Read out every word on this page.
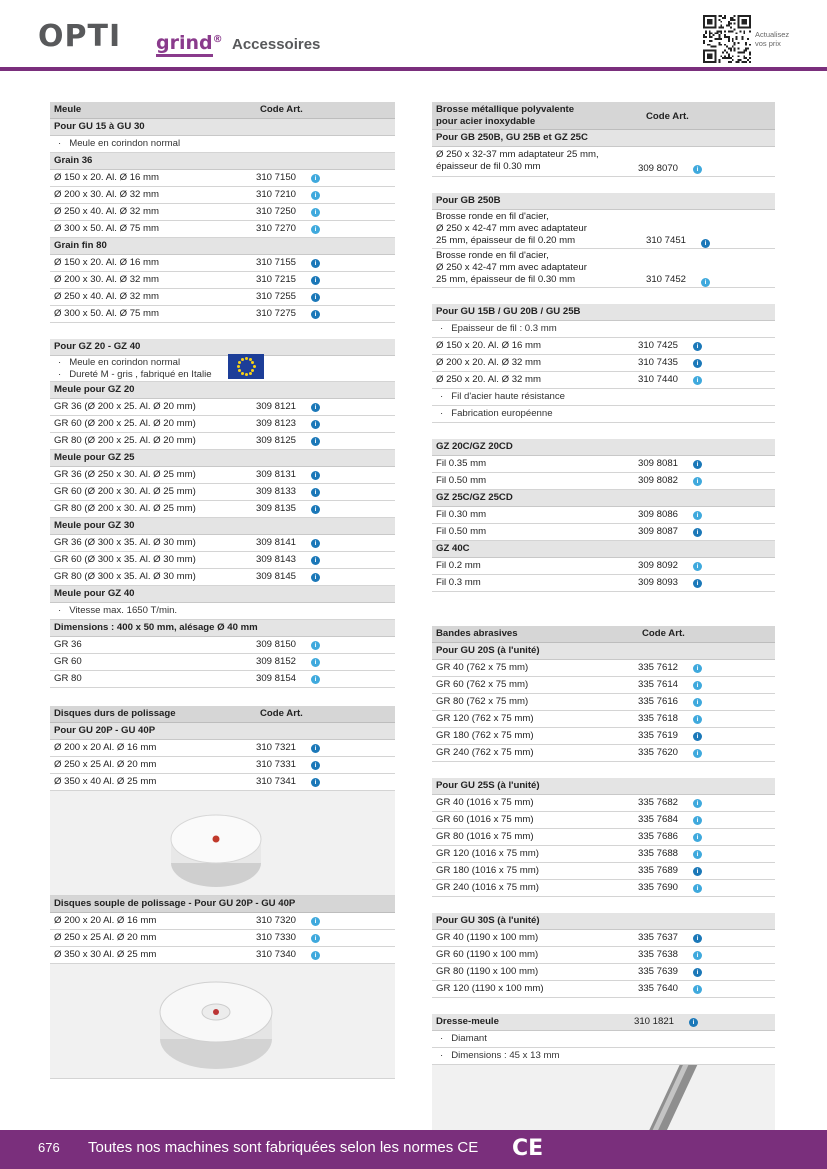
OPTI grind® Accessoires
Actualisez
vos prix
Meule	Code Art.
Pour GU 15 à GU 30
· Meule en corindon normal
Grain 36
Ø 150 x 20. Al. Ø 16 mm	310 7150	i
Ø 200 x 30. Al. Ø 32 mm	310 7210	i
Ø 250 x 40. Al. Ø 32 mm	310 7250	i
Ø 300 x 50. Al. Ø 75 mm	310 7270	i
Grain fin 80
Ø 150 x 20. Al. Ø 16 mm	310 7155	i
Ø 200 x 30. Al. Ø 32 mm	310 7215	i
Ø 250 x 40. Al. Ø 32 mm	310 7255	i
Ø 300 x 50. Al. Ø 75 mm	310 7275	i
Pour GZ 20 - GZ 40
· Meule en corindon normal
· Dureté M - gris , fabriqué en Italie
Meule pour GZ 20
GR 36 (Ø 200 x 25. Al. Ø 20 mm)	309 8121	i
GR 60 (Ø 200 x 25. Al. Ø 20 mm)	309 8123	i
GR 80 (Ø 200 x 25. Al. Ø 20 mm)	309 8125	i
Meule pour GZ 25
GR 36 (Ø 250 x 30. Al. Ø 25 mm)	309 8131	i
GR 60 (Ø 200 x 30. Al. Ø 25 mm)	309 8133	i
GR 80 (Ø 200 x 30. Al. Ø 25 mm)	309 8135	i
Meule pour GZ 30
GR 36 (Ø 300 x 35. Al. Ø 30 mm)	309 8141	i
GR 60 (Ø 300 x 35. Al. Ø 30 mm)	309 8143	i
GR 80 (Ø 300 x 35. Al. Ø 30 mm)	309 8145	i
Meule pour GZ 40
· Vitesse max. 1650 T/min.
Dimensions : 400 x 50 mm, alésage Ø 40 mm
GR 36	309 8150	i
GR 60	309 8152	i
GR 80	309 8154	i
Disques durs de polissage	Code Art.
Pour GU 20P - GU 40P
Ø 200 x 20 Al. Ø 16 mm	310 7321	i
Ø 250 x 25 Al. Ø 20 mm	310 7331	i
Ø 350 x 40 Al. Ø 25 mm	310 7341	i
Disques souple de polissage - Pour GU 20P - GU 40P
Ø 200 x 20 Al. Ø 16 mm	310 7320	i
Ø 250 x 25 Al. Ø 20 mm	310 7330	i
Ø 350 x 30 Al. Ø 25 mm	310 7340	i
Brosse métallique polyvalente
pour acier inoxydable	Code Art.
Pour GB 250B, GU 25B et GZ 25C
Ø 250 x 32-37 mm adaptateur 25 mm,
épaisseur de fil 0.30 mm	309 8070	i
Pour GB 250B
Brosse ronde en fil d'acier,
Ø 250 x 42-47 mm avec adaptateur
25 mm, épaisseur de fil 0.20 mm	310 7451	i
Brosse ronde en fil d'acier,
Ø 250 x 42-47 mm avec adaptateur
25 mm, épaisseur de fil 0.30 mm	310 7452	i
Pour GU 15B / GU 20B / GU 25B
· Epaisseur de fil : 0.3 mm
Ø 150 x 20. Al. Ø 16 mm	310 7425	i
Ø 200 x 20. Al. Ø 32 mm	310 7435	i
Ø 250 x 20. Al. Ø 32 mm	310 7440	i
· Fil d'acier haute résistance
· Fabrication européenne
GZ 20C/GZ 20CD
Fil 0.35 mm	309 8081	i
Fil 0.50 mm	309 8082	i
GZ 25C/GZ 25CD
Fil 0.30 mm	309 8086	i
Fil 0.50 mm	309 8087	i
GZ 40C
Fil 0.2 mm	309 8092	i
Fil 0.3 mm	309 8093	i
Bandes abrasives	Code Art.
Pour GU 20S (à l'unité)
GR 40 (762 x 75 mm)	335 7612	i
GR 60 (762 x 75 mm)	335 7614	i
GR 80 (762 x 75 mm)	335 7616	i
GR 120 (762 x 75 mm)	335 7618	i
GR 180 (762 x 75 mm)	335 7619	i
GR 240 (762 x 75 mm)	335 7620	i
Pour GU 25S (à l'unité)
GR 40 (1016 x 75 mm)	335 7682	i
GR 60 (1016 x 75 mm)	335 7684	i
GR 80 (1016 x 75 mm)	335 7686	i
GR 120 (1016 x 75 mm)	335 7688	i
GR 180 (1016 x 75 mm)	335 7689	i
GR 240 (1016 x 75 mm)	335 7690	i
Pour GU 30S (à l'unité)
GR 40 (1190 x 100 mm)	335 7637	i
GR 60 (1190 x 100 mm)	335 7638	i
GR 80 (1190 x 100 mm)	335 7639	i
GR 120 (1190 x 100 mm)	335 7640	i
Dresse-meule	310 1821	i
· Diamant
· Dimensions : 45 x 13 mm
676 Toutes nos machines sont fabriquées selon les normes CE CE
